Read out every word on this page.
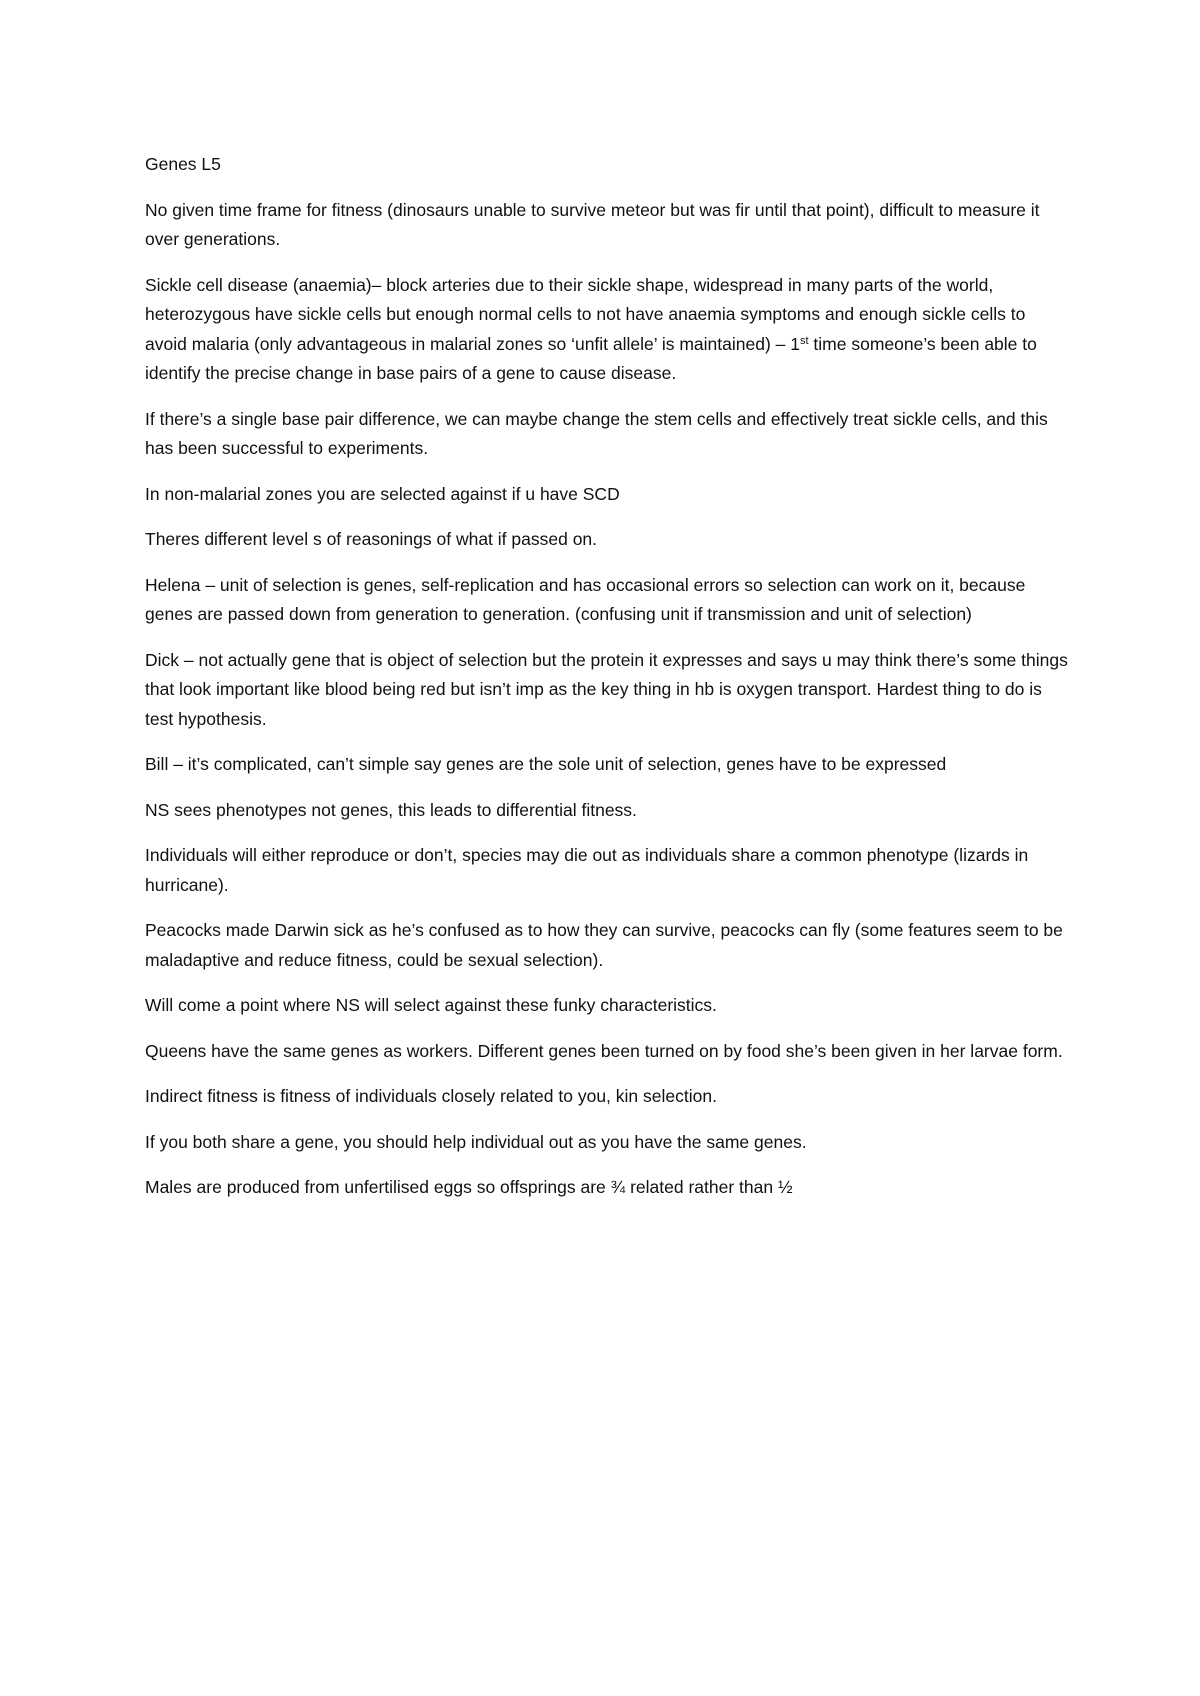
Genes L5

No given time frame for fitness (dinosaurs unable to survive meteor but was fir until that point), difficult to measure it over generations.

Sickle cell disease (anaemia)– block arteries due to their sickle shape, widespread in many parts of the world, heterozygous have sickle cells but enough normal cells to not have anaemia symptoms and enough sickle cells to avoid malaria (only advantageous in malarial zones so ‘unfit allele’ is maintained) – 1st time someone’s been able to identify the precise change in base pairs of a gene to cause disease.

If there’s a single base pair difference, we can maybe change the stem cells and effectively treat sickle cells, and this has been successful to experiments.

In non-malarial zones you are selected against if u have SCD

Theres different level s of reasonings of what if passed on.

Helena – unit of selection is genes, self-replication and has occasional errors so selection can work on it, because genes are passed down from generation to generation. (confusing unit if transmission and unit of selection)

Dick – not actually gene that is object of selection but the protein it expresses and says u may think there’s some things that look important like blood being red but isn’t imp as the key thing in hb is oxygen transport. Hardest thing to do is test hypothesis.

Bill – it’s complicated, can’t simple say genes are the sole unit of selection, genes have to be expressed

NS sees phenotypes not genes, this leads to differential fitness.

Individuals will either reproduce or don’t, species may die out as individuals share a common phenotype (lizards in hurricane).

Peacocks made Darwin sick as he’s confused as to how they can survive, peacocks can fly (some features seem to be maladaptive and reduce fitness, could be sexual selection).

Will come a point where NS will select against these funky characteristics.

Queens have the same genes as workers. Different genes been turned on by food she’s been given in her larvae form.

Indirect fitness is fitness of individuals closely related to you, kin selection.

If you both share a gene, you should help individual out as you have the same genes.

Males are produced from unfertilised eggs so offsprings are ¾ related rather than ½
